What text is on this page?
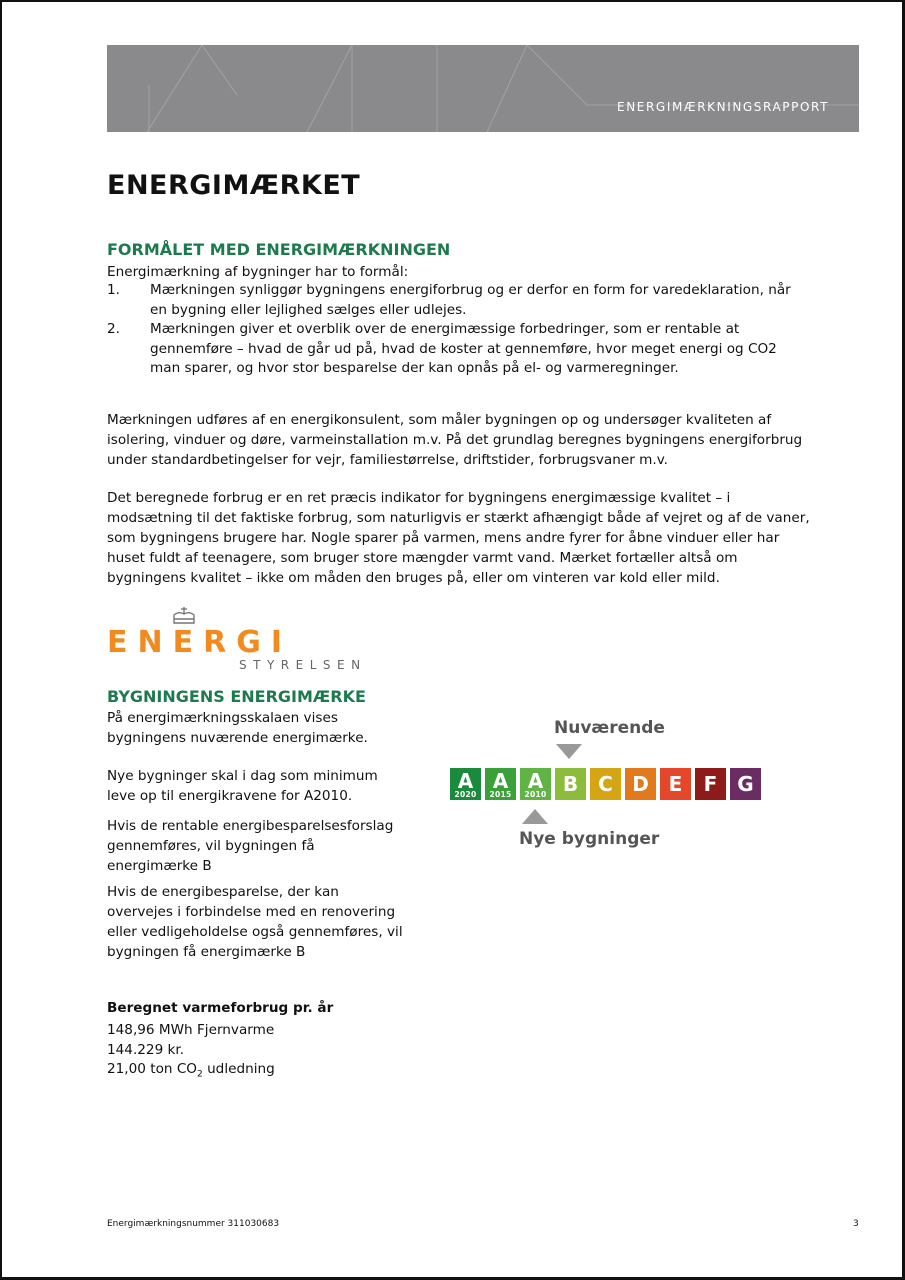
ENERGIMÆRKNINGSRAPPORT
ENERGIMÆRKET
FORMÅLET MED ENERGIMÆRKNINGEN

Energimærkning af bygninger har to formål:

1.	Mærkningen synliggør bygningens energiforbrug og er derfor en form for varedeklaration, når en bygning eller lejlighed sælges eller udlejes.
2.	Mærkningen giver et overblik over de energimæssige forbedringer, som er rentable at gennemføre – hvad de går ud på, hvad de koster at gennemføre, hvor meget energi og CO2 man sparer, og hvor stor besparelse der kan opnås på el- og varmeregninger.

Mærkningen udføres af en energikonsulent, som måler bygningen op og undersøger kvaliteten af isolering, vinduer og døre, varmeinstallation m.v. På det grundlag beregnes bygningens energiforbrug under standardbetingelser for vejr, familiestørrelse, driftstider, forbrugsvaner m.v.

Det beregnede forbrug er en ret præcis indikator for bygningens energimæssige kvalitet – i modsætning til det faktiske forbrug, som naturligvis er stærkt afhængigt både af vejret og af de vaner, som bygningens brugere har. Nogle sparer på varmen, mens andre fyrer for åbne vinduer eller har huset fuldt af teenagere, som bruger store mængder varmt vand. Mærket fortæller altså om bygningens kvalitet – ikke om måden den bruges på, eller om vinteren var kold eller mild.

ENERGI
STYRELSEN
BYGNINGENS ENERGIMÆRKE

På energimærkningsskalaen vises bygningens nuværende energimærke.

Nye bygninger skal i dag som minimum leve op til energikravene for A2010.

Hvis de rentable energibesparelsesforslag gennemføres, vil bygningen få energimærke B

Hvis de energibesparelse, der kan overvejes i forbindelse med en renovering eller vedligeholdelse også gennemføres, vil bygningen få energimærke B

Nuværende
A
2020
A
2015
A
2010 B	C D E	F G
Nye bygninger

Beregnet varmeforbrug pr. år

148,96 MWh Fjernvarme

144.229 kr.

21,00 ton $CO_2$ udledning

Energimærkningsnummer 311030683	3
